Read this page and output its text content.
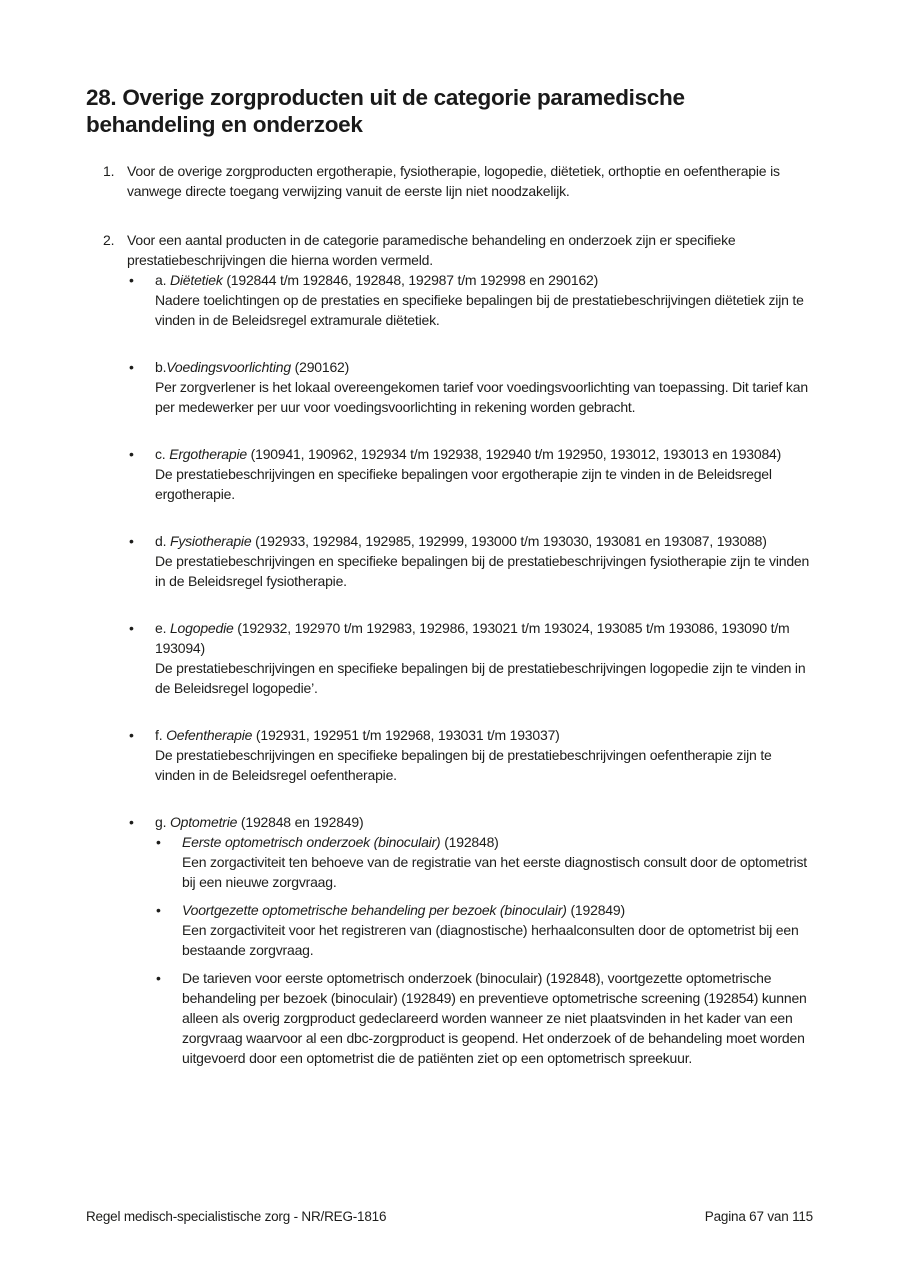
28. Overige zorgproducten uit de categorie paramedische
behandeling en onderzoek
1. Voor de overige zorgproducten ergotherapie, fysiotherapie, logopedie, diëtetiek, orthoptie en oefentherapie is vanwege directe toegang verwijzing vanuit de eerste lijn niet noodzakelijk.

2. Voor een aantal producten in de categorie paramedische behandeling en onderzoek zijn er specifieke prestatiebeschrijvingen die hierna worden vermeld.

•	a. Diëtetiek (192844 t/m 192846, 192848, 192987 t/m 192998 en 290162)
Nadere toelichtingen op de prestaties en specifieke bepalingen bij de prestatiebeschrijvingen diëtetiek zijn te vinden in de Beleidsregel extramurale diëtetiek.
•	b.Voedingsvoorlichting (290162)
Per zorgverlener is het lokaal overeengekomen tarief voor voedingsvoorlichting van toepassing. Dit tarief kan per medewerker per uur voor voedingsvoorlichting in rekening worden gebracht.
•	c. Ergotherapie (190941, 190962, 192934 t/m 192938, 192940 t/m 192950, 193012, 193013 en 193084)
De prestatiebeschrijvingen en specifieke bepalingen voor ergotherapie zijn te vinden in de Beleidsregel ergotherapie.
•	d. Fysiotherapie (192933, 192984, 192985, 192999, 193000 t/m 193030, 193081 en 193087, 193088)
De prestatiebeschrijvingen en specifieke bepalingen bij de prestatiebeschrijvingen fysiotherapie zijn te vinden in de Beleidsregel fysiotherapie.
•	e. Logopedie (192932, 192970 t/m 192983, 192986, 193021 t/m 193024, 193085 t/m 193086, 193090 t/m 193094)
De prestatiebeschrijvingen en specifieke bepalingen bij de prestatiebeschrijvingen logopedie zijn te vinden in de Beleidsregel logopedie’.
•	f. Oefentherapie (192931, 192951 t/m 192968, 193031 t/m 193037)
De prestatiebeschrijvingen en specifieke bepalingen bij de prestatiebeschrijvingen oefentherapie zijn te vinden in de Beleidsregel oefentherapie.
•	g. Optometrie (192848 en 192849)
•	Eerste optometrisch onderzoek (binoculair) (192848)
Een zorgactiviteit ten behoeve van de registratie van het eerste diagnostisch consult door de optometrist bij een nieuwe zorgvraag.
•	Voortgezette optometrische behandeling per bezoek (binoculair) (192849)
Een zorgactiviteit voor het registreren van (diagnostische) herhaalconsulten door de optometrist bij een bestaande zorgvraag.
•	De tarieven voor eerste optometrisch onderzoek (binoculair) (192848), voortgezette optometrische behandeling per bezoek (binoculair) (192849) en preventieve optometrische screening (192854) kunnen alleen als overig zorgproduct gedeclareerd worden wanneer ze niet plaatsvinden in het kader van een zorgvraag waarvoor al een dbc-zorgproduct is geopend. Het onderzoek of de behandeling moet worden uitgevoerd door een optometrist die de patiënten ziet op een optometrisch spreekuur.
Regel medisch-specialistische zorg - NR/REG-1816	Pagina 67 van 115
